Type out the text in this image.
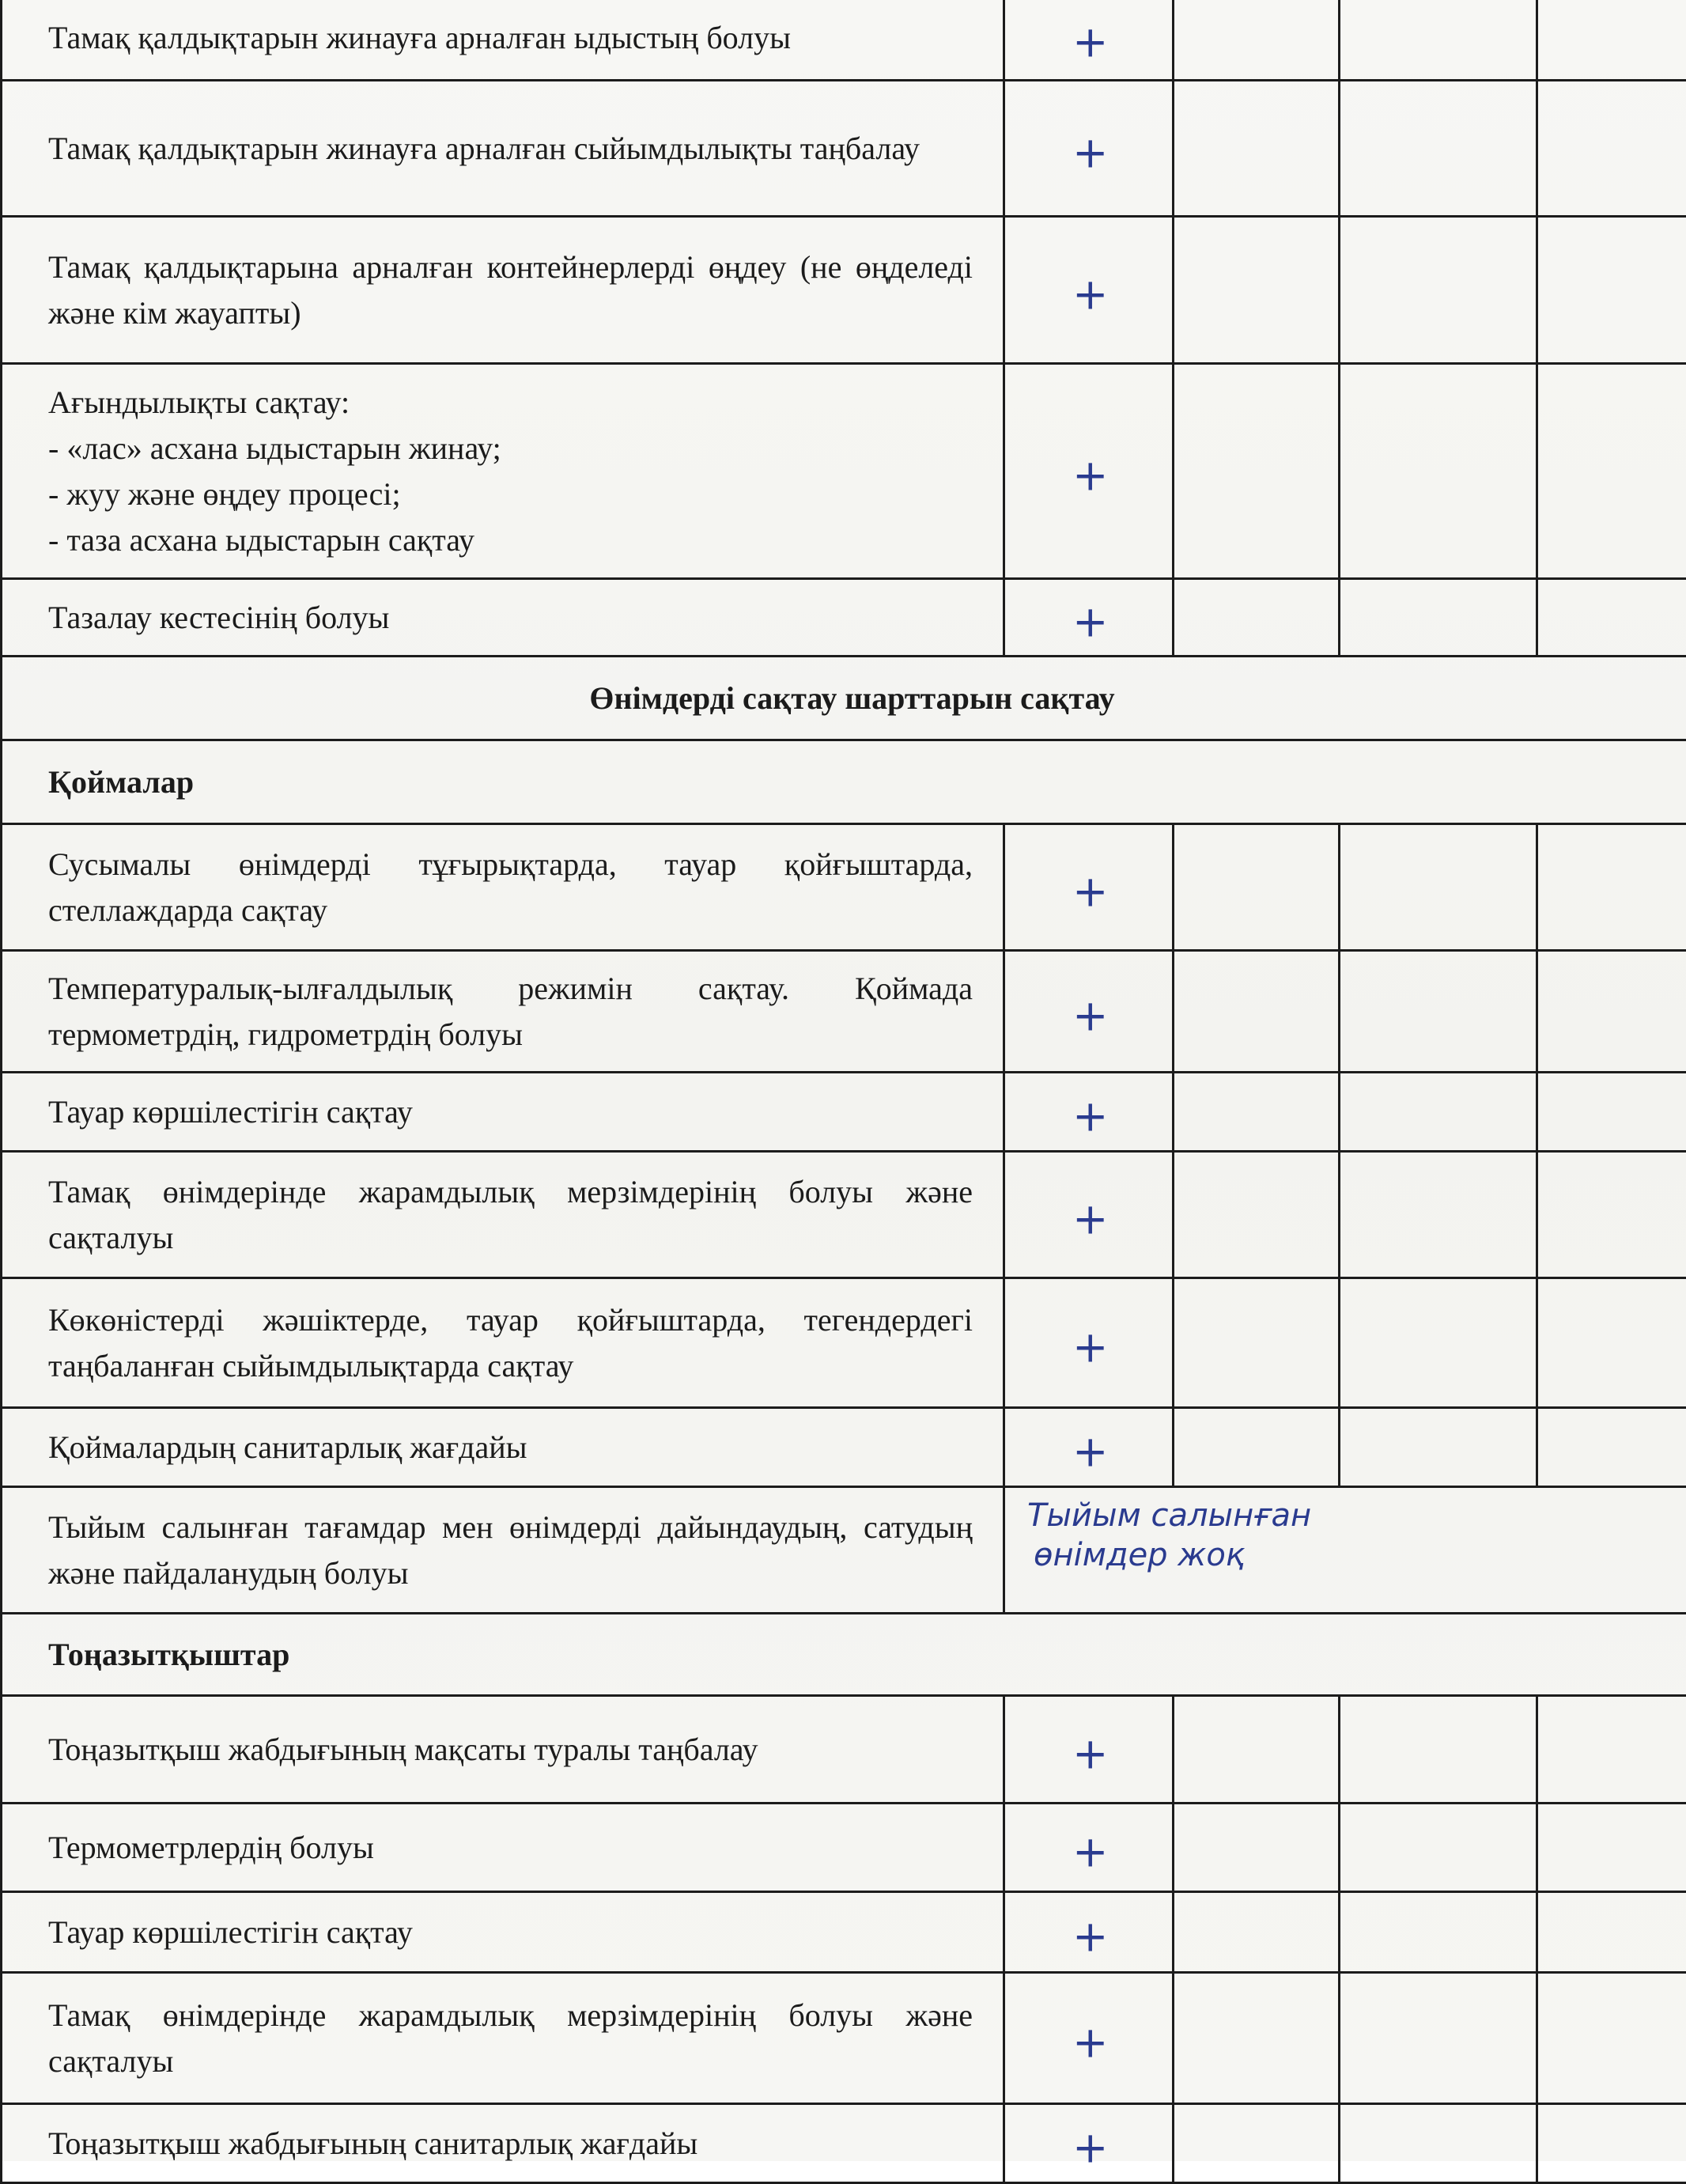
Тамақ қалдықтарын жинауға арналған ыдыстың болуы	+			

Тамақ қалдықтарын жинауға арналған сыйымдылықты таңбалау	+			

Тамақ қалдықтарына арналған контейнерлерді өңдеу (не өңделеді және кім жауапты)	+			

Ағындылықты сақтау:
- «лас» асхана ыдыстарын жинау;
- жуу және өңдеу процесі;
- таза асхана ыдыстарын сақтау	+			

Тазалау кестесінің болуы	+			

Өнімдерді сақтау шарттарын сақтау				

Қоймалар				

Сусымалы өнімдерді тұғырықтарда, тауар қойғыштарда, стеллаждарда сақтау	+			

Температуралық-ылғалдылық режимін сақтау. Қоймада термометрдің, гидрометрдің болуы	+			

Тауар көршілестігін сақтау	+			

Тамақ өнімдерінде жарамдылық мерзімдерінің болуы және сақталуы	+			

Көкөністерді жәшіктерде, тауар қойғыштарда, тегендердегі таңбаланған сыйымдылықтарда сақтау	+			

Қоймалардың санитарлық жағдайы	+			

Тыйым салынған тағамдар мен өнімдерді дайындаудың, сатудың және пайдаланудың болуы	Тыйым салынған
өнімдер жоқ			

Тоңазытқыштар				

Тоңазытқыш жабдығының мақсаты туралы таңбалау	+			

Термометрлердің болуы	+			

Тауар көршілестігін сақтау	+			

Тамақ өнімдерінде жарамдылық мерзімдерінің болуы және сақталуы	+			

Тоңазытқыш жабдығының санитарлық жағдайы	+			
